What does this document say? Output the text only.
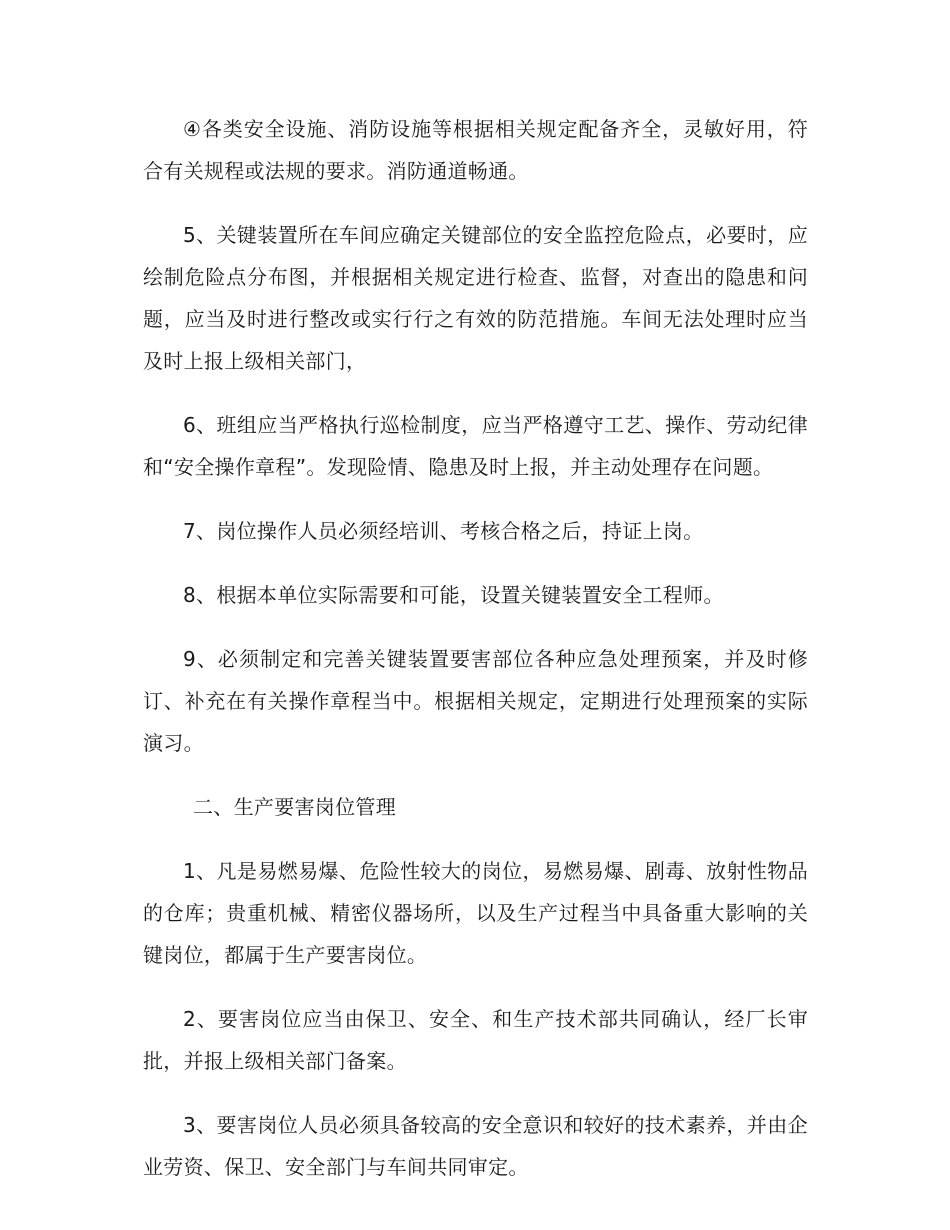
④各类安全设施、消防设施等根据相关规定配备齐全，灵敏好用，符合有关规程或法规的要求。消防通道畅通。

5、关键装置所在车间应确定关键部位的安全监控危险点，必要时，应绘制危险点分布图，并根据相关规定进行检查、监督，对查出的隐患和问题，应当及时进行整改或实行行之有效的防范措施。车间无法处理时应当及时上报上级相关部门，

6、班组应当严格执行巡检制度，应当严格遵守工艺、操作、劳动纪律和“安全操作章程”。发现险情、隐患及时上报，并主动处理存在问题。

7、岗位操作人员必须经培训、考核合格之后，持证上岗。

8、根据本单位实际需要和可能，设置关键装置安全工程师。

9、必须制定和完善关键装置要害部位各种应急处理预案，并及时修订、补充在有关操作章程当中。根据相关规定，定期进行处理预案的实际演习。

二、生产要害岗位管理

1、凡是易燃易爆、危险性较大的岗位，易燃易爆、剧毒、放射性物品的仓库；贵重机械、精密仪器场所，以及生产过程当中具备重大影响的关键岗位，都属于生产要害岗位。

2、要害岗位应当由保卫、安全、和生产技术部共同确认，经厂长审批，并报上级相关部门备案。

3、要害岗位人员必须具备较高的安全意识和较好的技术素养，并由企业劳资、保卫、安全部门与车间共同审定。
